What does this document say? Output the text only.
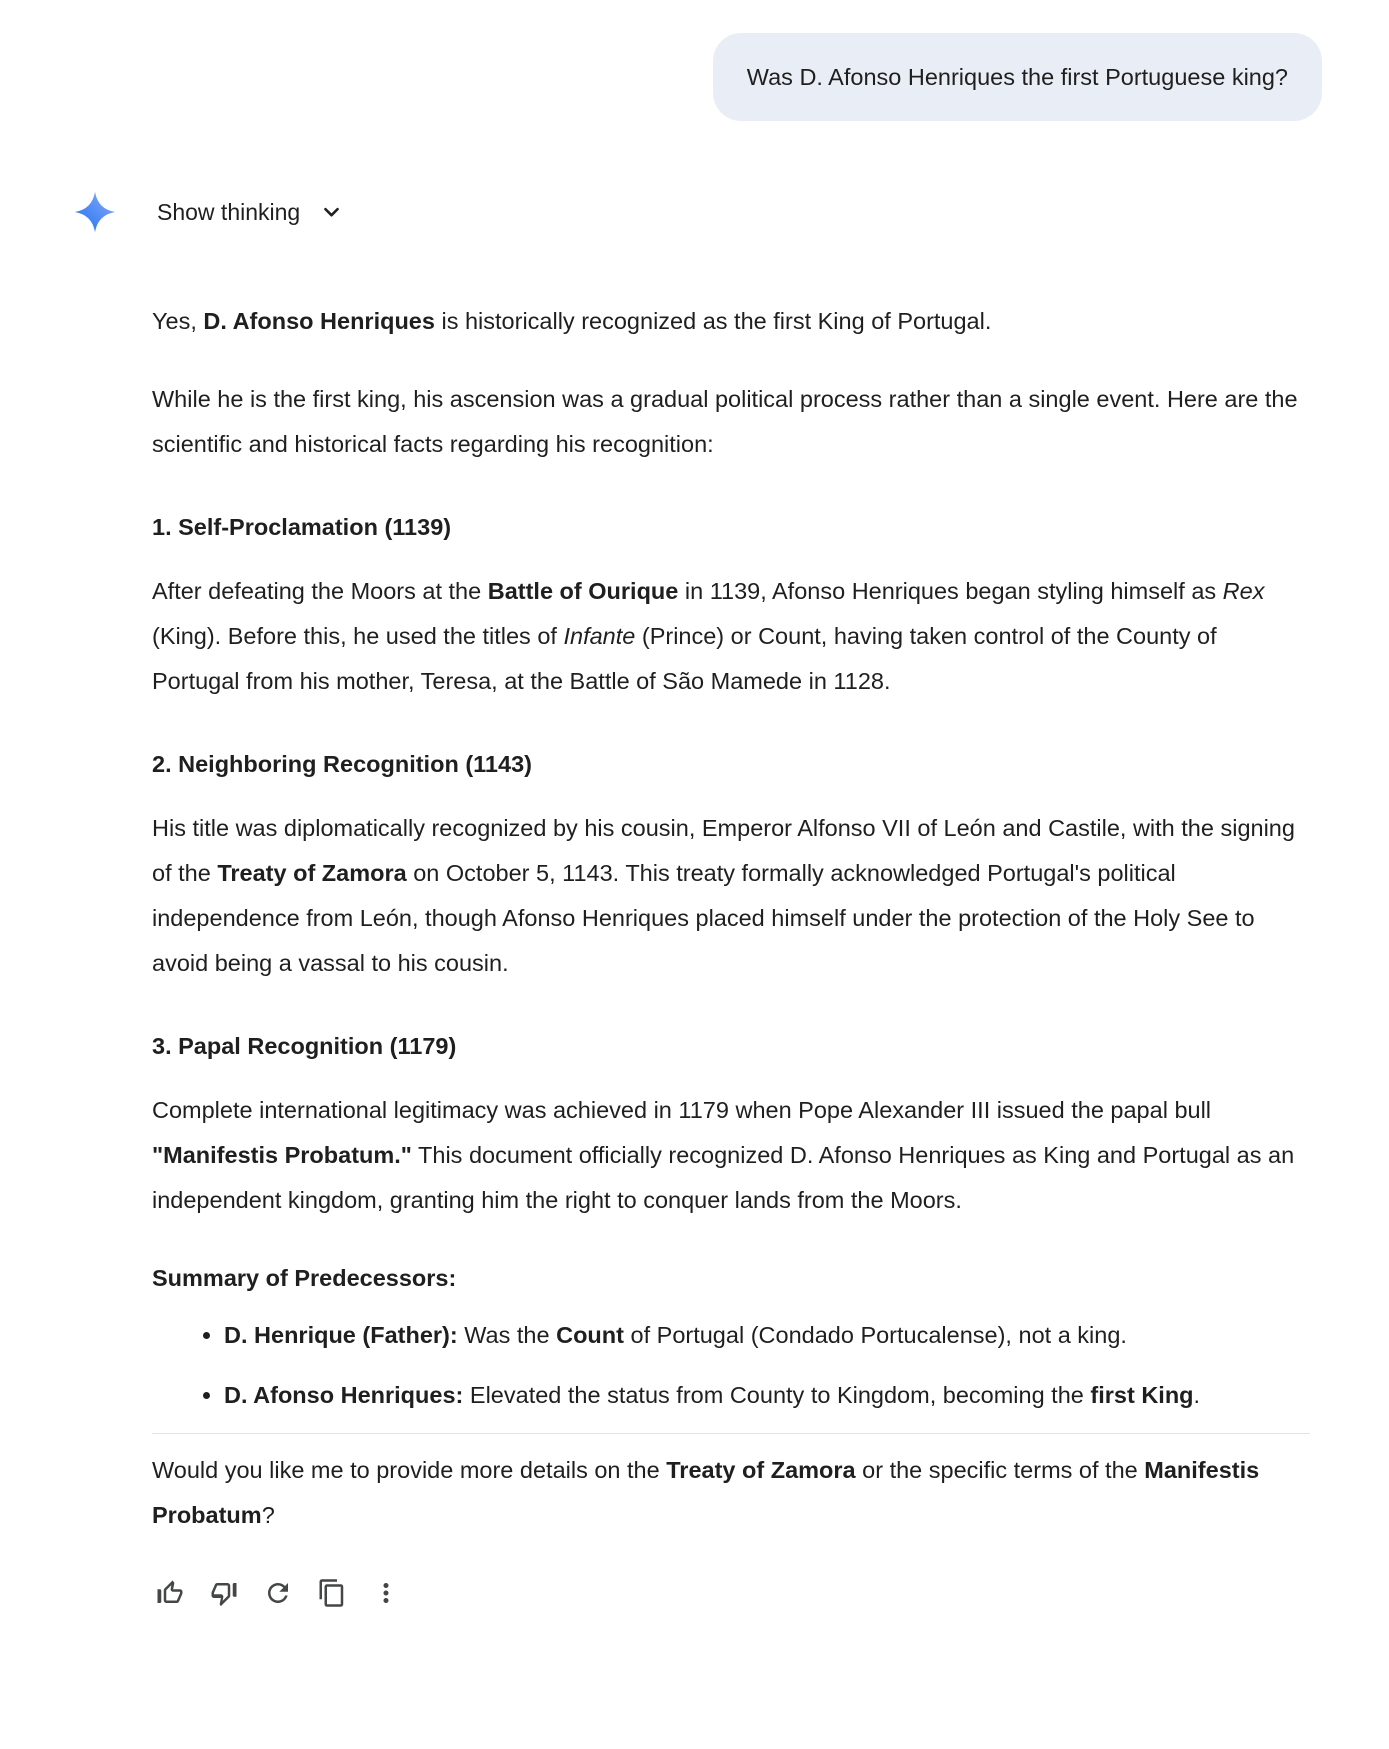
Was D. Afonso Henriques the first Portuguese king?
Show thinking

Yes, D. Afonso Henriques is historically recognized as the first King of Portugal.

While he is the first king, his ascension was a gradual political process rather than a single event. Here are the scientific and historical facts regarding his recognition:

1. Self-Proclamation (1139)

After defeating the Moors at the Battle of Ourique in 1139, Afonso Henriques began styling himself as Rex (King). Before this, he used the titles of Infante (Prince) or Count, having taken control of the County of Portugal from his mother, Teresa, at the Battle of São Mamede in 1128.

2. Neighboring Recognition (1143)

His title was diplomatically recognized by his cousin, Emperor Alfonso VII of León and Castile, with the signing of the Treaty of Zamora on October 5, 1143. This treaty formally acknowledged Portugal's political independence from León, though Afonso Henriques placed himself under the protection of the Holy See to avoid being a vassal to his cousin.

3. Papal Recognition (1179)

Complete international legitimacy was achieved in 1179 when Pope Alexander III issued the papal bull "Manifestis Probatum." This document officially recognized D. Afonso Henriques as King and Portugal as an independent kingdom, granting him the right to conquer lands from the Moors.

Summary of Predecessors:
• D. Henrique (Father): Was the Count of Portugal (Condado Portucalense), not a king.
• D. Afonso Henriques: Elevated the status from County to Kingdom, becoming the first King.

Would you like me to provide more details on the Treaty of Zamora or the specific terms of the Manifestis Probatum?
